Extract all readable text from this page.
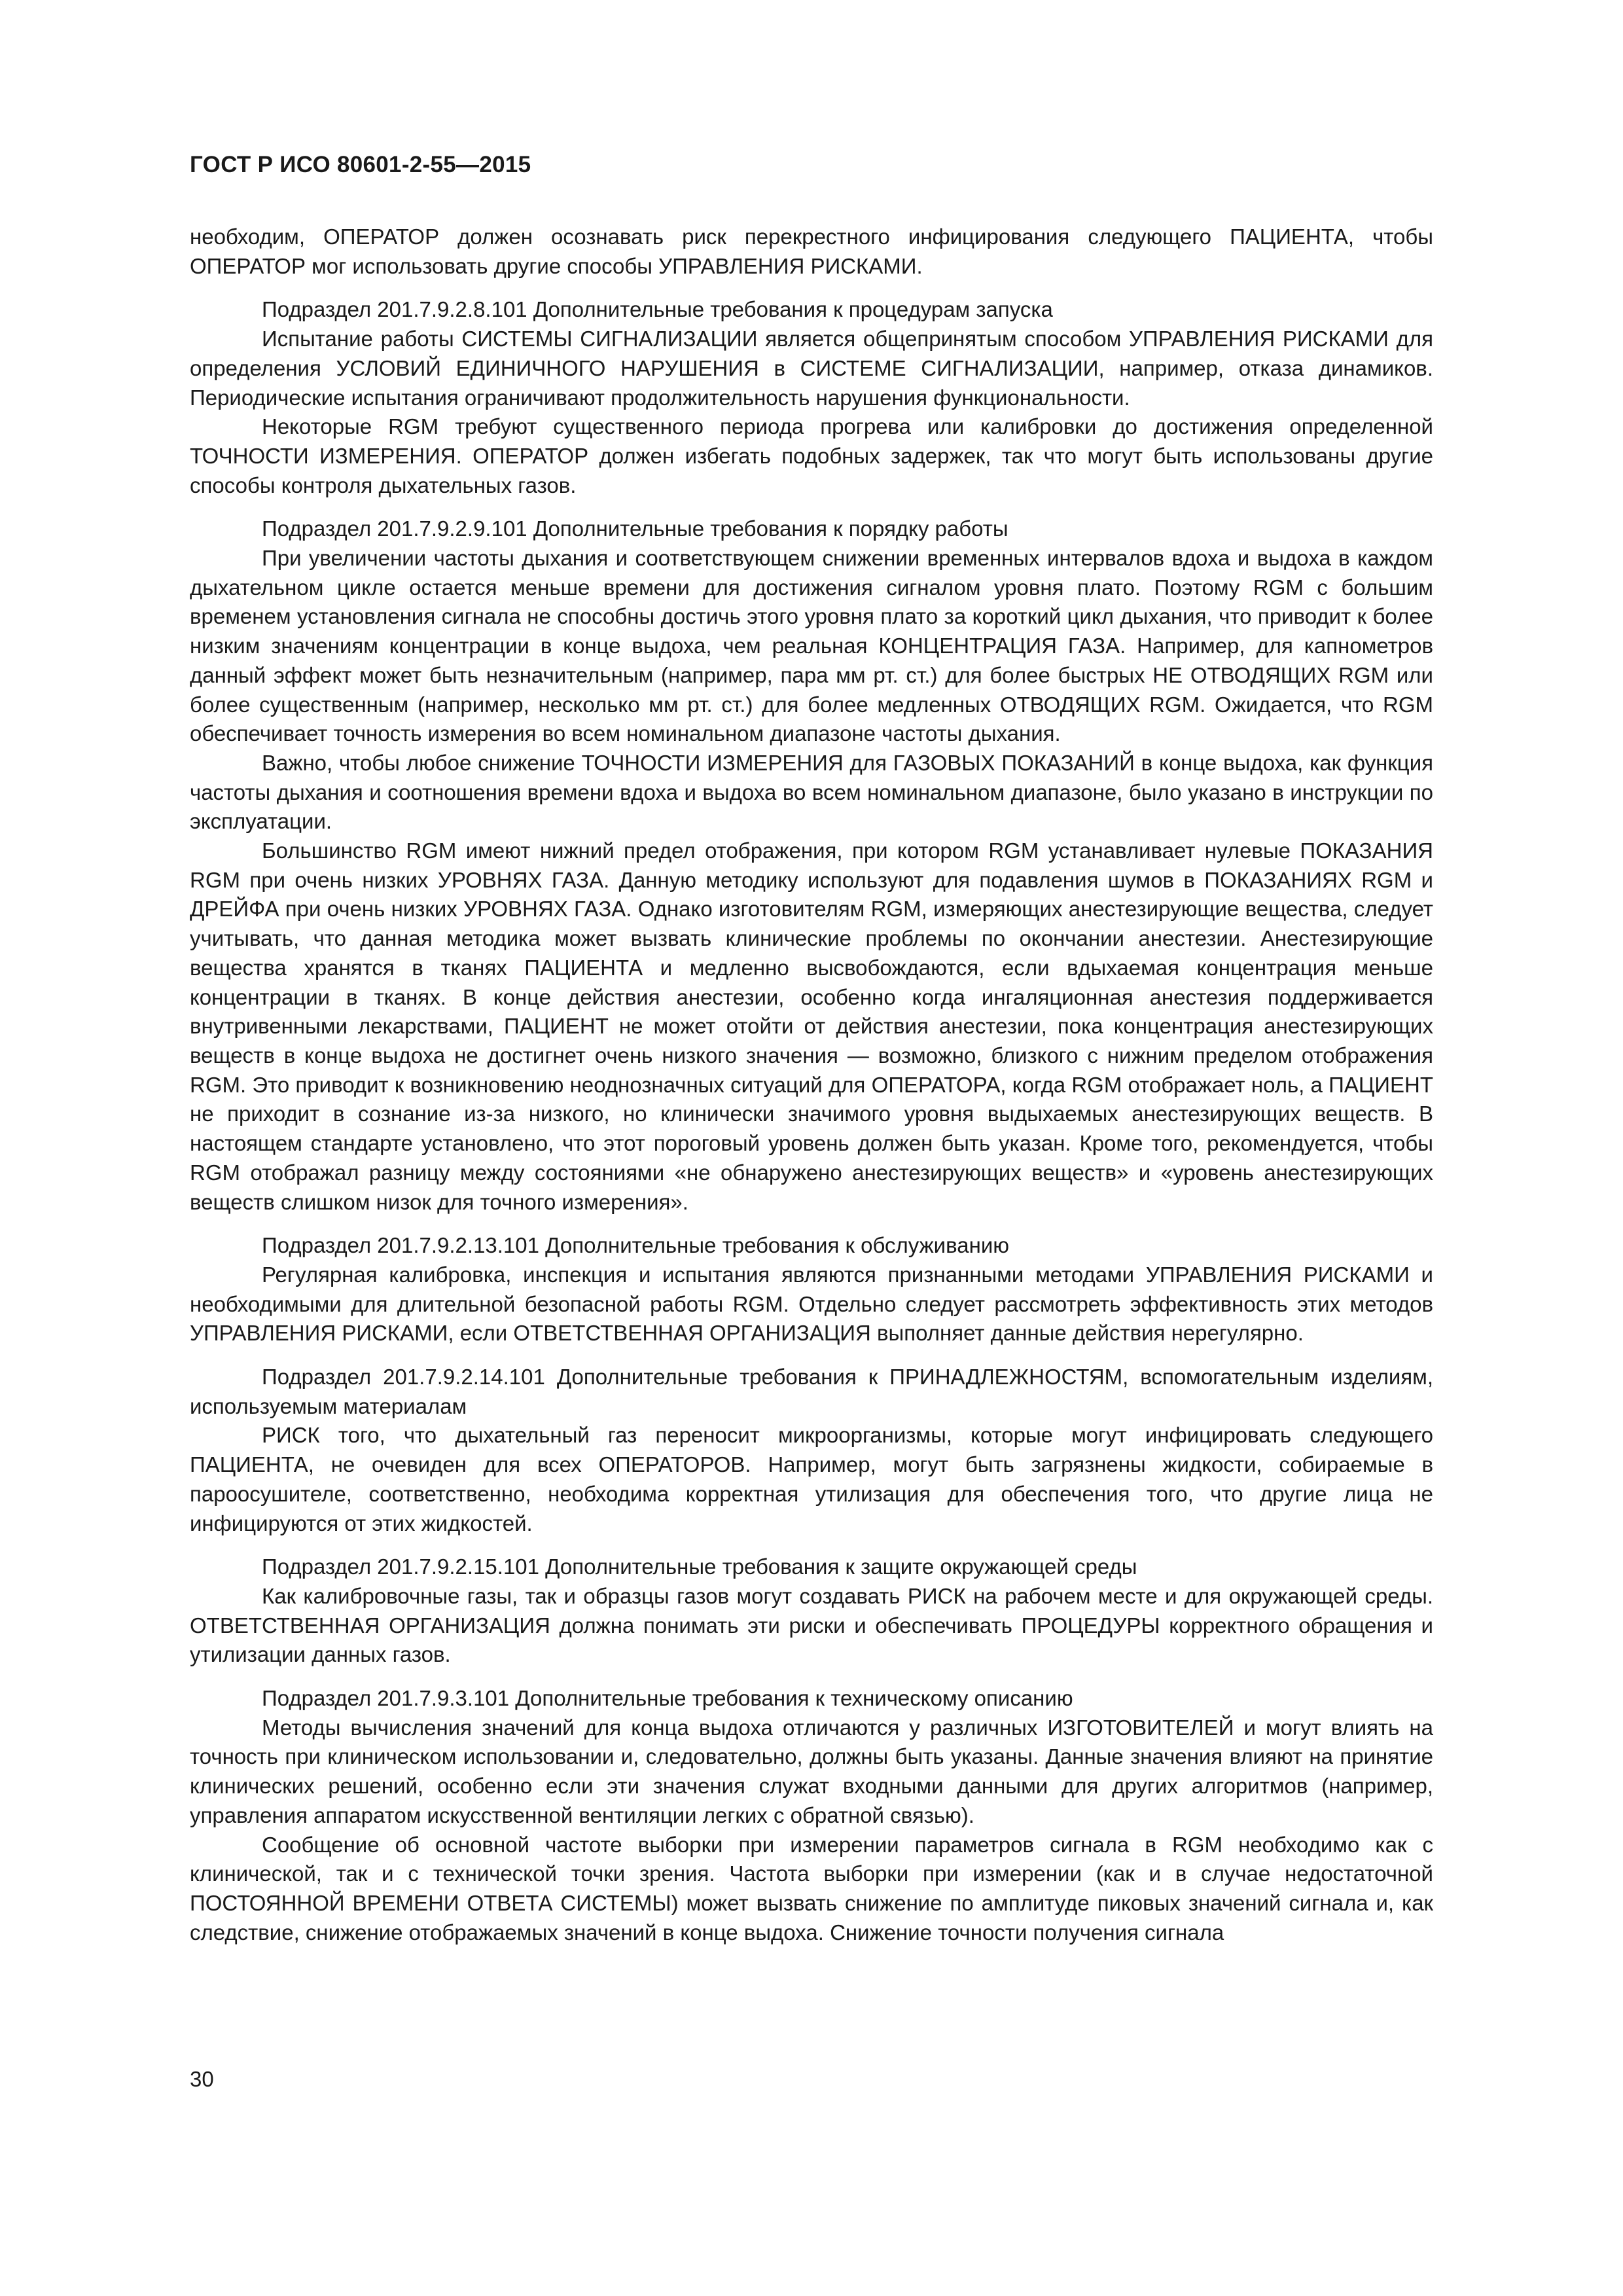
ГОСТ Р ИСО 80601-2-55—2015

необходим, ОПЕРАТОР должен осознавать риск перекрестного инфицирования следующего ПАЦИЕНТА, чтобы ОПЕРАТОР мог использовать другие способы УПРАВЛЕНИЯ РИСКАМИ.

Подраздел 201.7.9.2.8.101 Дополнительные требования к процедурам запуска

Испытание работы СИСТЕМЫ СИГНАЛИЗАЦИИ является общепринятым способом УПРАВЛЕНИЯ РИСКАМИ для определения УСЛОВИЙ ЕДИНИЧНОГО НАРУШЕНИЯ в СИСТЕМЕ СИГНАЛИЗАЦИИ, например, отказа динамиков. Периодические испытания ограничивают продолжительность нарушения функциональности.

Некоторые RGM требуют существенного периода прогрева или калибровки до достижения определенной ТОЧНОСТИ ИЗМЕРЕНИЯ. ОПЕРАТОР должен избегать подобных задержек, так что могут быть использованы другие способы контроля дыхательных газов.

Подраздел 201.7.9.2.9.101 Дополнительные требования к порядку работы

При увеличении частоты дыхания и соответствующем снижении временных интервалов вдоха и выдоха в каждом дыхательном цикле остается меньше времени для достижения сигналом уровня плато. Поэтому RGM с большим временем установления сигнала не способны достичь этого уровня плато за короткий цикл дыхания, что приводит к более низким значениям концентрации в конце выдоха, чем реальная КОНЦЕНТРАЦИЯ ГАЗА. Например, для капнометров данный эффект может быть незначительным (например, пара мм рт. ст.) для более быстрых НЕ ОТВОДЯЩИХ RGM или более существенным (например, несколько мм рт. ст.) для более медленных ОТВОДЯЩИХ RGM. Ожидается, что RGM обеспечивает точность измерения во всем номинальном диапазоне частоты дыхания.

Важно, чтобы любое снижение ТОЧНОСТИ ИЗМЕРЕНИЯ для ГАЗОВЫХ ПОКАЗАНИЙ в конце выдоха, как функция частоты дыхания и соотношения времени вдоха и выдоха во всем номинальном диапазоне, было указано в инструкции по эксплуатации.

Большинство RGM имеют нижний предел отображения, при котором RGM устанавливает нулевые ПОКАЗАНИЯ RGM при очень низких УРОВНЯХ ГАЗА. Данную методику используют для подавления шумов в ПОКАЗАНИЯХ RGM и ДРЕЙФА при очень низких УРОВНЯХ ГАЗА. Однако изготовителям RGM, измеряющих анестезирующие вещества, следует учитывать, что данная методика может вызвать клинические проблемы по окончании анестезии. Анестезирующие вещества хранятся в тканях ПАЦИЕНТА и медленно высвобождаются, если вдыхаемая концентрация меньше концентрации в тканях. В конце действия анестезии, особенно когда ингаляционная анестезия поддерживается внутривенными лекарствами, ПАЦИЕНТ не может отойти от действия анестезии, пока концентрация анестезирующих веществ в конце выдоха не достигнет очень низкого значения — возможно, близкого с нижним пределом отображения RGM. Это приводит к возникновению неоднозначных ситуаций для ОПЕРАТОРА, когда RGM отображает ноль, а ПАЦИЕНТ не приходит в сознание из-за низкого, но клинически значимого уровня выдыхаемых анестезирующих веществ. В настоящем стандарте установлено, что этот пороговый уровень должен быть указан. Кроме того, рекомендуется, чтобы RGM отображал разницу между состояниями «не обнаружено анестезирующих веществ» и «уровень анестезирующих веществ слишком низок для точного измерения».

Подраздел 201.7.9.2.13.101 Дополнительные требования к обслуживанию

Регулярная калибровка, инспекция и испытания являются признанными методами УПРАВЛЕНИЯ РИСКАМИ и необходимыми для длительной безопасной работы RGM. Отдельно следует рассмотреть эффективность этих методов УПРАВЛЕНИЯ РИСКАМИ, если ОТВЕТСТВЕННАЯ ОРГАНИЗАЦИЯ выполняет данные действия нерегулярно.

Подраздел 201.7.9.2.14.101 Дополнительные требования к ПРИНАДЛЕЖНОСТЯМ, вспомогательным изделиям, используемым материалам

РИСК того, что дыхательный газ переносит микроорганизмы, которые могут инфицировать следующего ПАЦИЕНТА, не очевиден для всех ОПЕРАТОРОВ. Например, могут быть загрязнены жидкости, собираемые в пароосушителе, соответственно, необходима корректная утилизация для обеспечения того, что другие лица не инфицируются от этих жидкостей.

Подраздел 201.7.9.2.15.101 Дополнительные требования к защите окружающей среды

Как калибровочные газы, так и образцы газов могут создавать РИСК на рабочем месте и для окружающей среды. ОТВЕТСТВЕННАЯ ОРГАНИЗАЦИЯ должна понимать эти риски и обеспечивать ПРОЦЕДУРЫ корректного обращения и утилизации данных газов.

Подраздел 201.7.9.3.101 Дополнительные требования к техническому описанию

Методы вычисления значений для конца выдоха отличаются у различных ИЗГОТОВИТЕЛЕЙ и могут влиять на точность при клиническом использовании и, следовательно, должны быть указаны. Данные значения влияют на принятие клинических решений, особенно если эти значения служат входными данными для других алгоритмов (например, управления аппаратом искусственной вентиляции легких с обратной связью).

Сообщение об основной частоте выборки при измерении параметров сигнала в RGM необходимо как с клинической, так и с технической точки зрения. Частота выборки при измерении (как и в случае недостаточной ПОСТОЯННОЙ ВРЕМЕНИ ОТВЕТА СИСТЕМЫ) может вызвать снижение по амплитуде пиковых значений сигнала и, как следствие, снижение отображаемых значений в конце выдоха. Снижение точности получения сигнала

30
